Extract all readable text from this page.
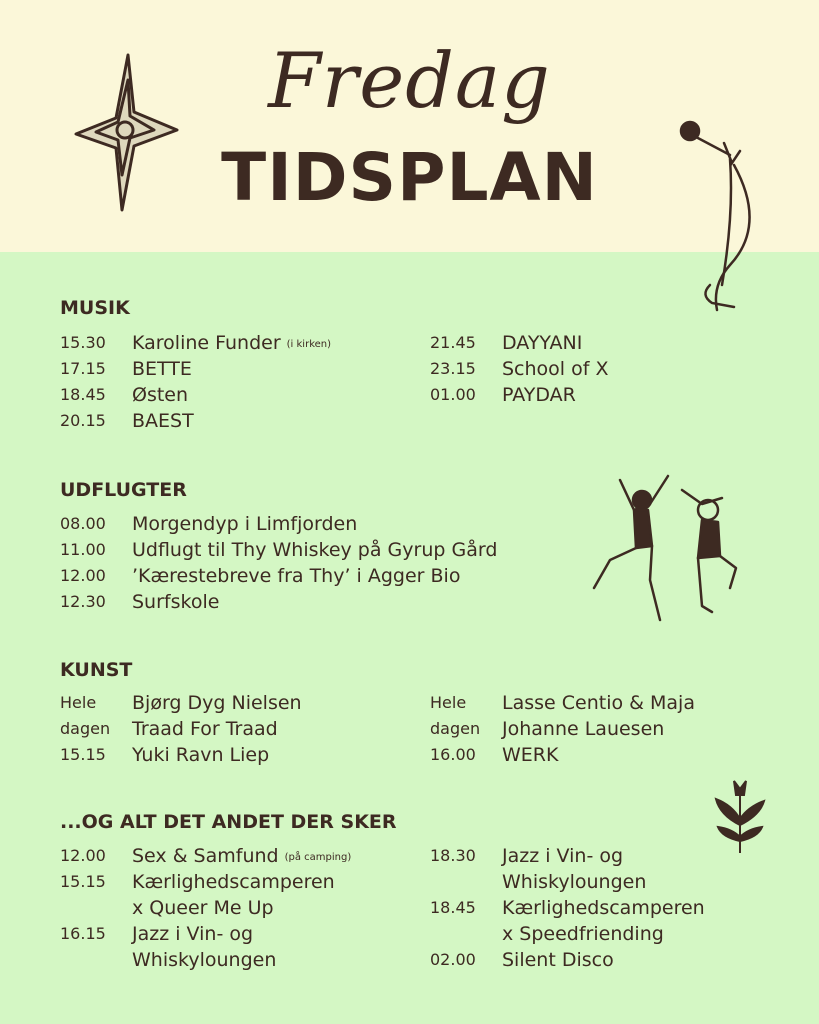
Fredag
TIDSPLAN
MUSIK
15.30 Karoline Funder (i kirken)
17.15 BETTE
18.45 Østen
20.15 BAEST
21.45 DAYYANI
23.15 School of X
01.00 PAYDAR
UDFLUGTER
08.00 Morgendyp i Limfjorden
11.00 Udflugt til Thy Whiskey på Gyrup Gård
12.00 ’Kærestebreve fra Thy’ i Agger Bio
12.30 Surfskole
KUNST
Hele Bjørg Dyg Nielsen
dagen Traad For Traad
15.15 Yuki Ravn Liep
Hele Lasse Centio & Maja
dagen Johanne Lauesen
16.00 WERK
...OG ALT DET ANDET DER SKER
12.00 Sex & Samfund (på camping)
15.15 Kærlighedscamperen
x Queer Me Up
16.15 Jazz i Vin- og
Whiskyloungen
18.30 Jazz i Vin- og
Whiskyloungen
18.45 Kærlighedscamperen
x Speedfriending
02.00 Silent Disco
